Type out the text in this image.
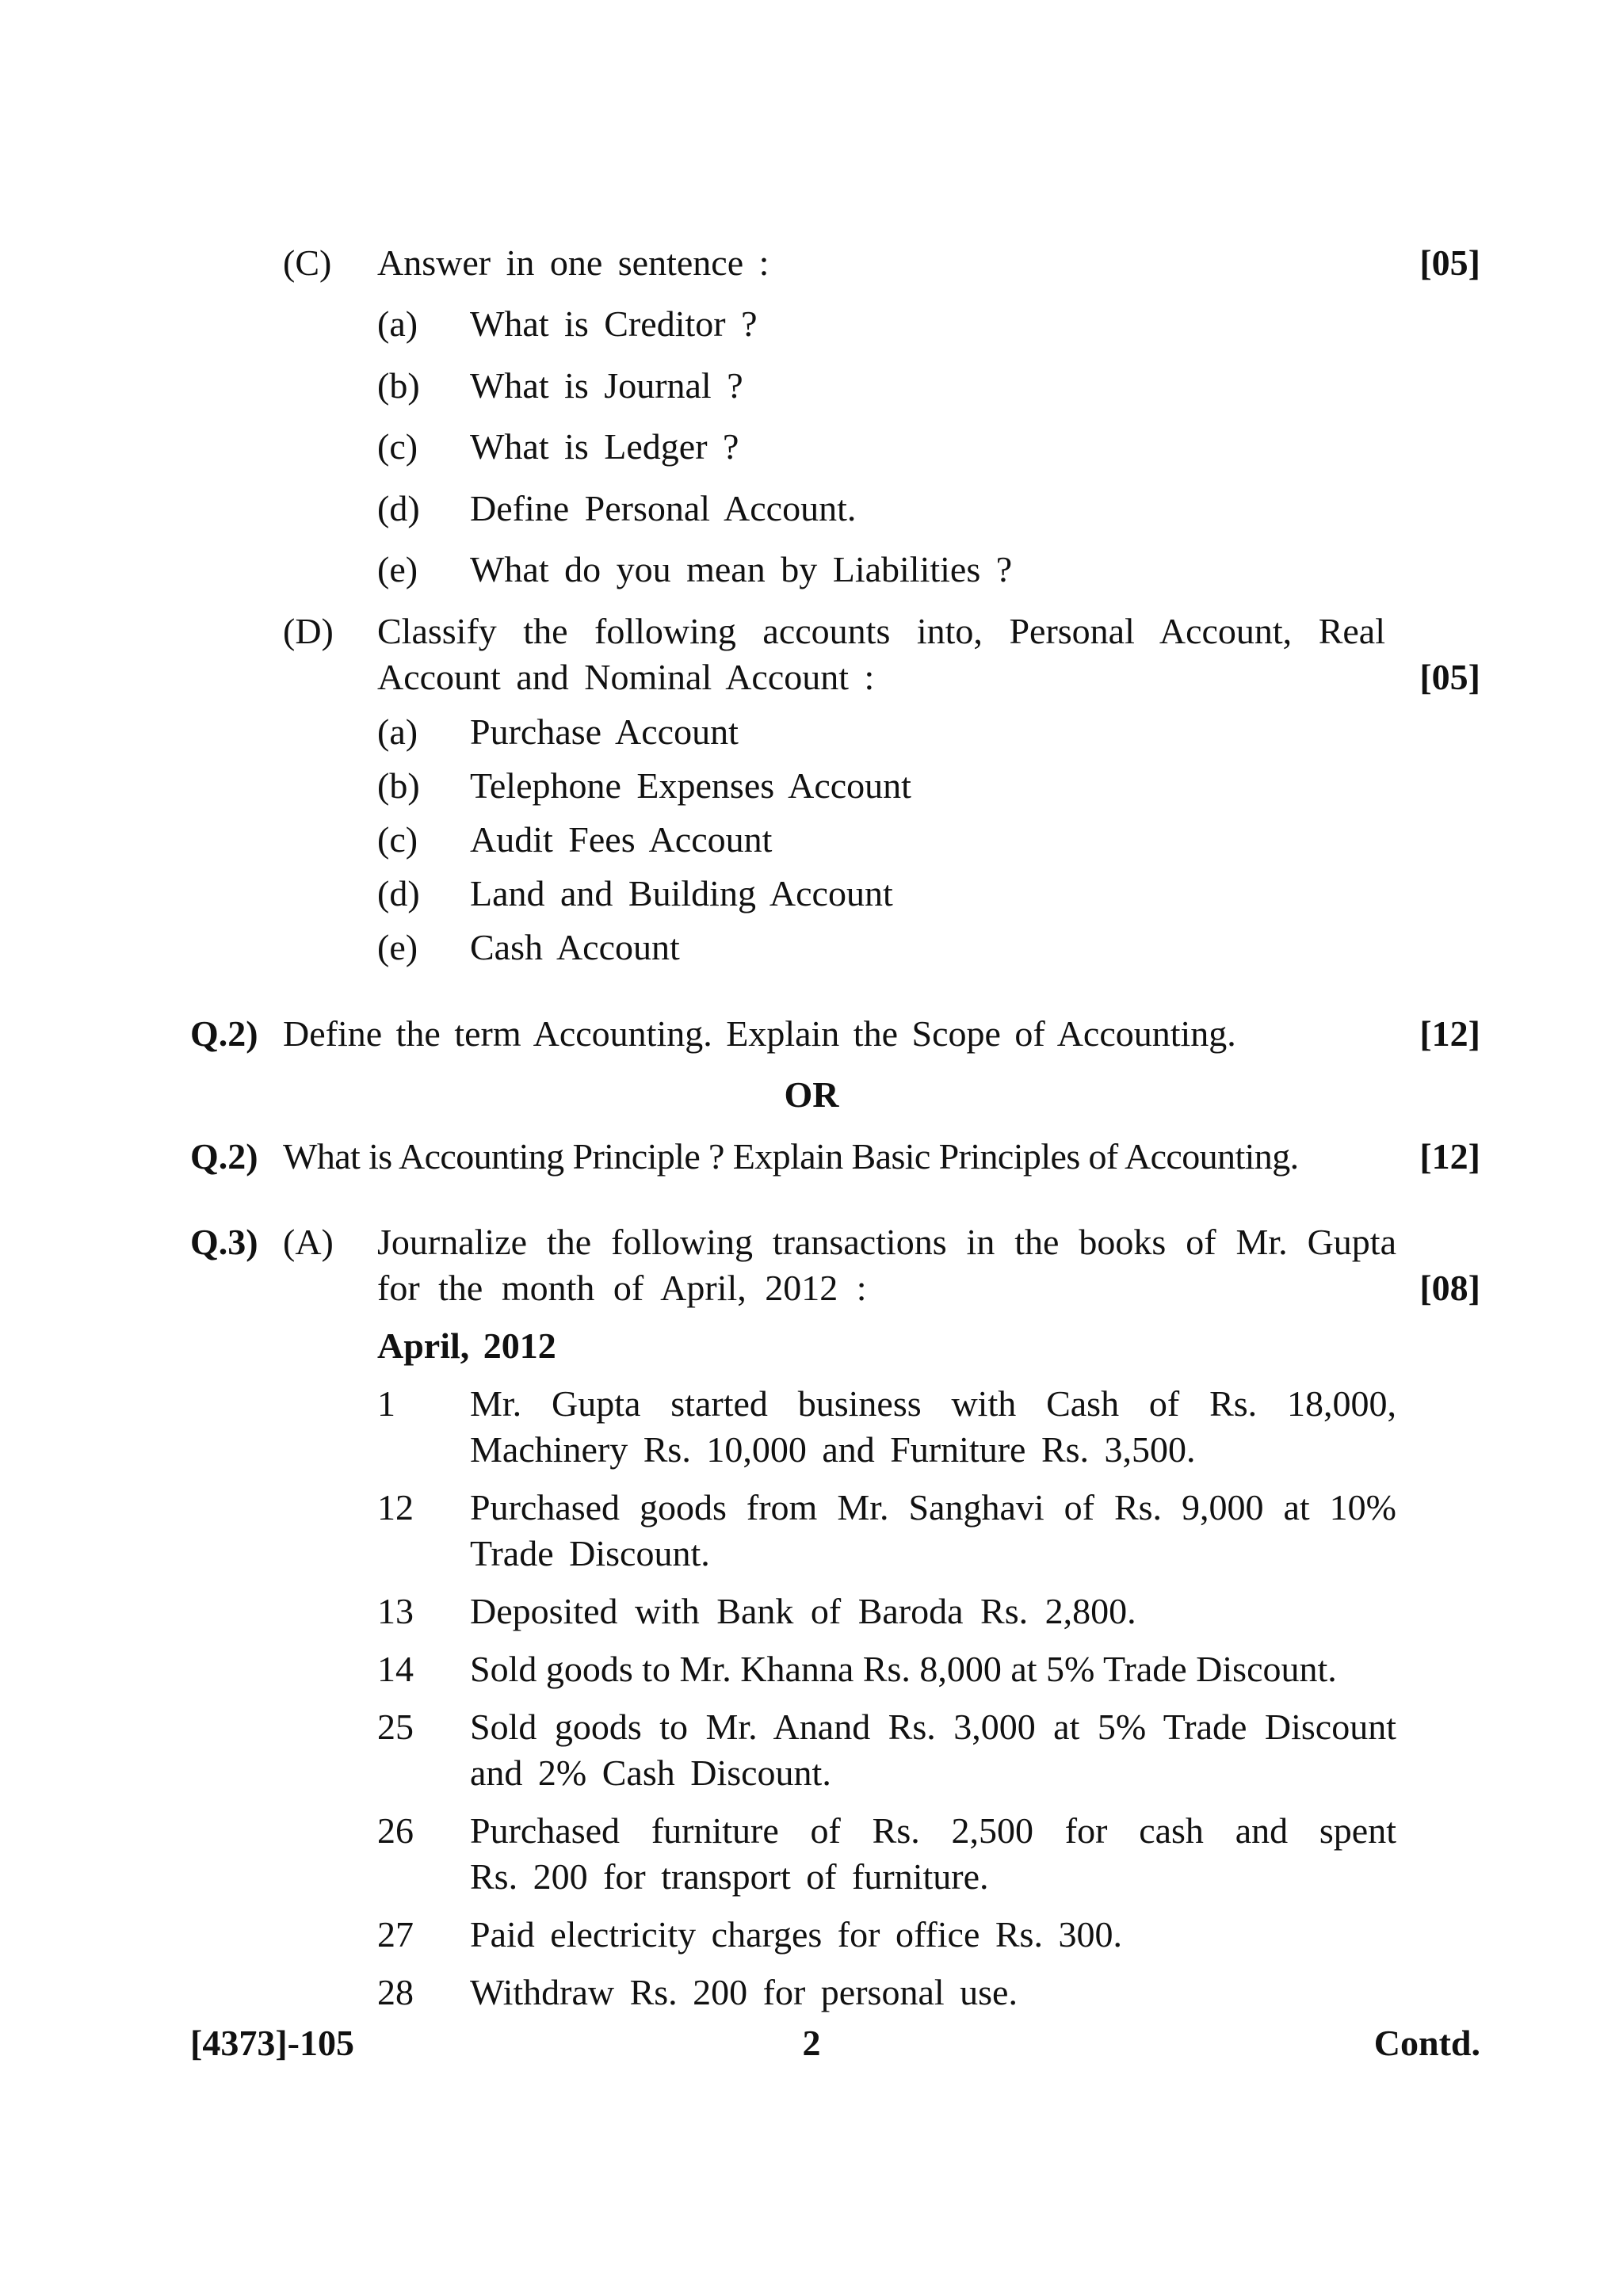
(C) Answer in one sentence :	[05]
(a) What is Creditor ?
(b) What is Journal ?
(c) What is Ledger ?
(d) Define Personal Account.
(e) What do you mean by Liabilities ?
(D) Classify the following accounts into, Personal Account, Real
Account and Nominal Account :	[05]
(a) Purchase Account
(b) Telephone Expenses Account
(c) Audit Fees Account
(d) Land and Building Account
(e) Cash Account
Q.2) Define the term Accounting. Explain the Scope of Accounting.	[12]
OR
Q.2) What is Accounting Principle ? Explain Basic Principles of Accounting.	[12]
Q.3) (A) Journalize the following transactions in the books of Mr. Gupta
for the month of April, 2012 :	[08]
April, 2012
1 Mr. Gupta started business with Cash of Rs. 18,000,
Machinery Rs. 10,000 and Furniture Rs. 3,500.
12 Purchased goods from Mr. Sanghavi of Rs. 9,000 at 10%
Trade Discount.
13 Deposited with Bank of Baroda Rs. 2,800.
14 Sold goods to Mr. Khanna Rs. 8,000 at 5% Trade Discount.
25 Sold goods to Mr. Anand Rs. 3,000 at 5% Trade Discount
and 2% Cash Discount.
26 Purchased furniture of Rs. 2,500 for cash and spent
Rs. 200 for transport of furniture.
27 Paid electricity charges for office Rs. 300.
28 Withdraw Rs. 200 for personal use.
[4373]-105	2	Contd.
